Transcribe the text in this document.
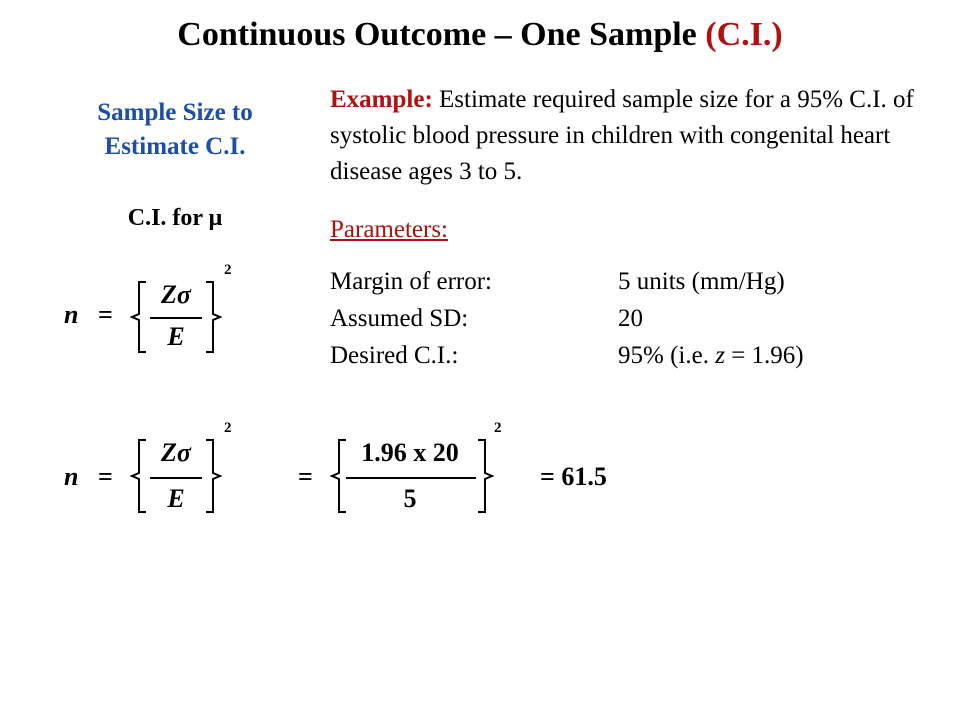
Continuous Outcome – One Sample (C.I.)
Sample Size to
Estimate C.I.
C.I. for μ
Example: Estimate required sample size for a 95% C.I. of systolic blood pressure in children with congenital heart disease ages 3 to 5.
Parameters:
Margin of error:	5 units (mm/Hg)
Assumed SD:	20
Desired C.I.:	95% (i.e. z = 1.96)
n =
Zσ
E
2
n =
Zσ
E
2
=
1.96 x 20
5
2
= 61.5
